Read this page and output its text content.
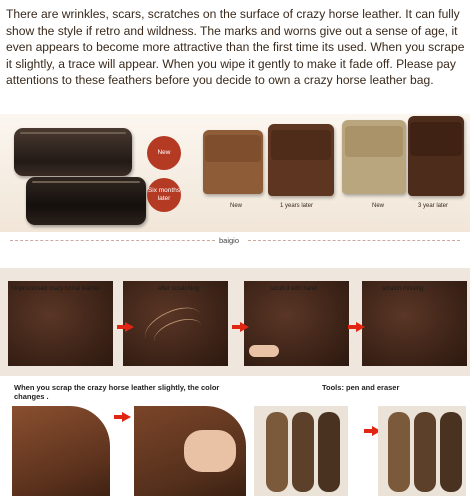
There are wrinkles, scars, scratches on the surface of crazy horse leather. It can fully show the style if retro and wildness. The marks and worns give out a sense of age, it even appears to become more attractive than the first time its used. When you scrape it slightly, a trace will appear. When you wipe it gently to make it fade off. Please pay attentions to these feathers before you decide to own a crazy horse leather bag.
New
Six months later
New	1 years later	New	3 year later
baigio
Unprocessed crazy horse leather	after scratching	scrub it with hand	scratch missing
When you scrap the crazy horse leather slightly, the color changes .
Tools: pen and eraser
